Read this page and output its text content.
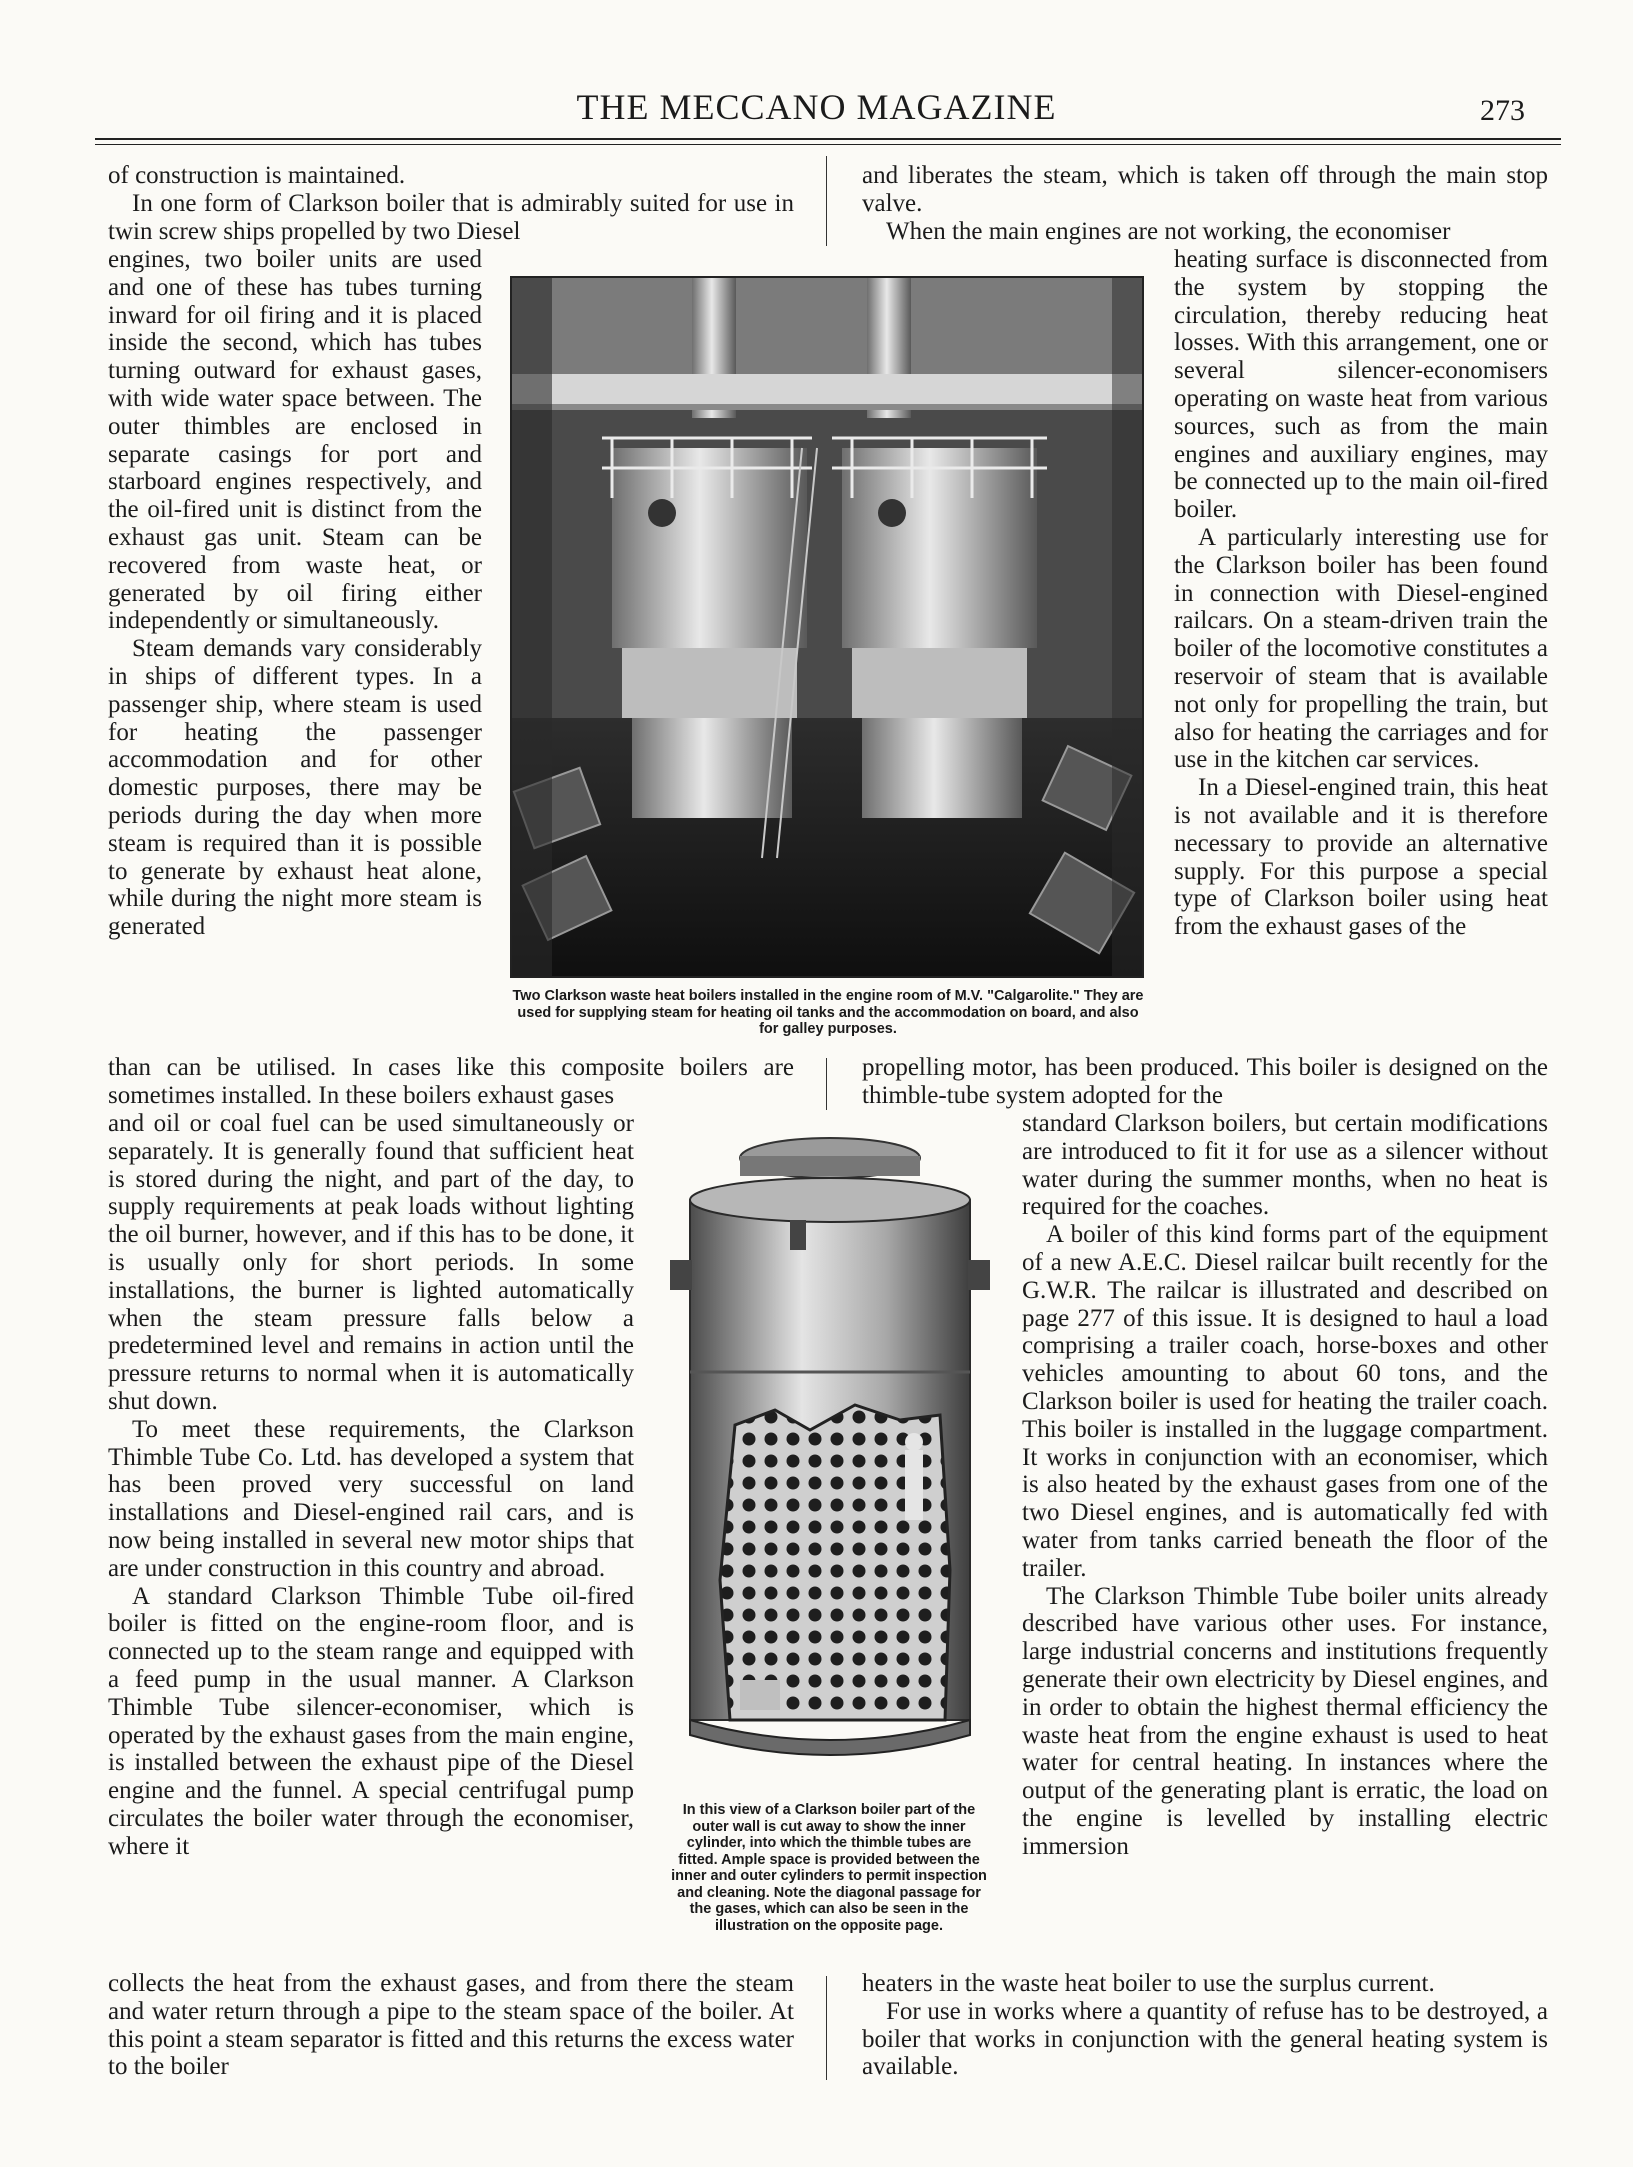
THE MECCANO MAGAZINE	273

of construction is maintained.

In one form of Clarkson boiler that is admirably suited for use in twin screw ships propelled by two Diesel

engines, two boiler units are used and one of these has tubes turning inward for oil firing and it is placed inside the second, which has tubes turning outward for exhaust gases, with wide water space between. The outer thimbles are enclosed in separate casings for port and starboard engines respectively, and the oil-fired unit is distinct from the exhaust gas unit. Steam can be recovered from waste heat, or generated by oil firing either independently or simultaneously.

Steam demands vary considerably in ships of different types. In a passenger ship, where steam is used for heating the passenger accommodation and for other domestic purposes, there may be periods during the day when more steam is required than it is possible to generate by exhaust heat alone, while during the night more steam is generated

and liberates the steam, which is taken off through the main stop valve.

When the main engines are not working, the economiser

heating surface is disconnected from the system by stopping the circulation, thereby reducing heat losses. With this arrangement, one or several silencer-economisers operating on waste heat from various sources, such as from the main engines and auxiliary engines, may be connected up to the main oil-fired boiler.

A particularly interesting use for the Clarkson boiler has been found in connection with Diesel-engined railcars. On a steam-driven train the boiler of the locomotive constitutes a reservoir of steam that is available not only for propelling the train, but also for heating the carriages and for use in the kitchen car services.

In a Diesel-engined train, this heat is not available and it is therefore necessary to provide an alternative supply. For this purpose a special type of Clarkson boiler using heat from the exhaust gases of the

Two Clarkson waste heat boilers installed in the engine room of M.V. "Calgarolite." They are used for supplying steam for heating oil tanks and the accommodation on board, and also for galley purposes.

than can be utilised. In cases like this composite boilers are sometimes installed. In these boilers exhaust gases

propelling motor, has been produced. This boiler is designed on the thimble-tube system adopted for the

and oil or coal fuel can be used simultaneously or separately. It is generally found that sufficient heat is stored during the night, and part of the day, to supply requirements at peak loads without lighting the oil burner, however, and if this has to be done, it is usually only for short periods. In some installations, the burner is lighted automatically when the steam pressure falls below a predetermined level and remains in action until the pressure returns to normal when it is automatically shut down.

To meet these requirements, the Clarkson Thimble Tube Co. Ltd. has developed a system that has been proved very successful on land installations and Diesel-engined rail cars, and is now being installed in several new motor ships that are under construction in this country and abroad.

A standard Clarkson Thimble Tube oil-fired boiler is fitted on the engine-room floor, and is connected up to the steam range and equipped with a feed pump in the usual manner. A Clarkson Thimble Tube silencer-economiser, which is operated by the exhaust gases from the main engine, is installed between the exhaust pipe of the Diesel engine and the funnel. A special centrifugal pump circulates the boiler water through the economiser, where it

standard Clarkson boilers, but certain modifications are introduced to fit it for use as a silencer without water during the summer months, when no heat is required for the coaches.

A boiler of this kind forms part of the equipment of a new A.E.C. Diesel railcar built recently for the G.W.R. The railcar is illustrated and described on page 277 of this issue. It is designed to haul a load comprising a trailer coach, horse-boxes and other vehicles amounting to about 60 tons, and the Clarkson boiler is used for heating the trailer coach. This boiler is installed in the luggage compartment. It works in conjunction with an economiser, which is also heated by the exhaust gases from one of the two Diesel engines, and is automatically fed with water from tanks carried beneath the floor of the trailer.

The Clarkson Thimble Tube boiler units already described have various other uses. For instance, large industrial concerns and institutions frequently generate their own electricity by Diesel engines, and in order to obtain the highest thermal efficiency the waste heat from the engine exhaust is used to heat water for central heating. In instances where the output of the generating plant is erratic, the load on the engine is levelled by installing electric immersion

In this view of a Clarkson boiler part of the outer wall is cut away to show the inner cylinder, into which the thimble tubes are fitted. Ample space is provided between the inner and outer cylinders to permit inspection and cleaning. Note the diagonal passage for the gases, which can also be seen in the illustration on the opposite page.

collects the heat from the exhaust gases, and from there the steam and water return through a pipe to the steam space of the boiler. At this point a steam separator is fitted and this returns the excess water to the boiler

heaters in the waste heat boiler to use the surplus current.

For use in works where a quantity of refuse has to be destroyed, a boiler that works in conjunction with the general heating system is available.
